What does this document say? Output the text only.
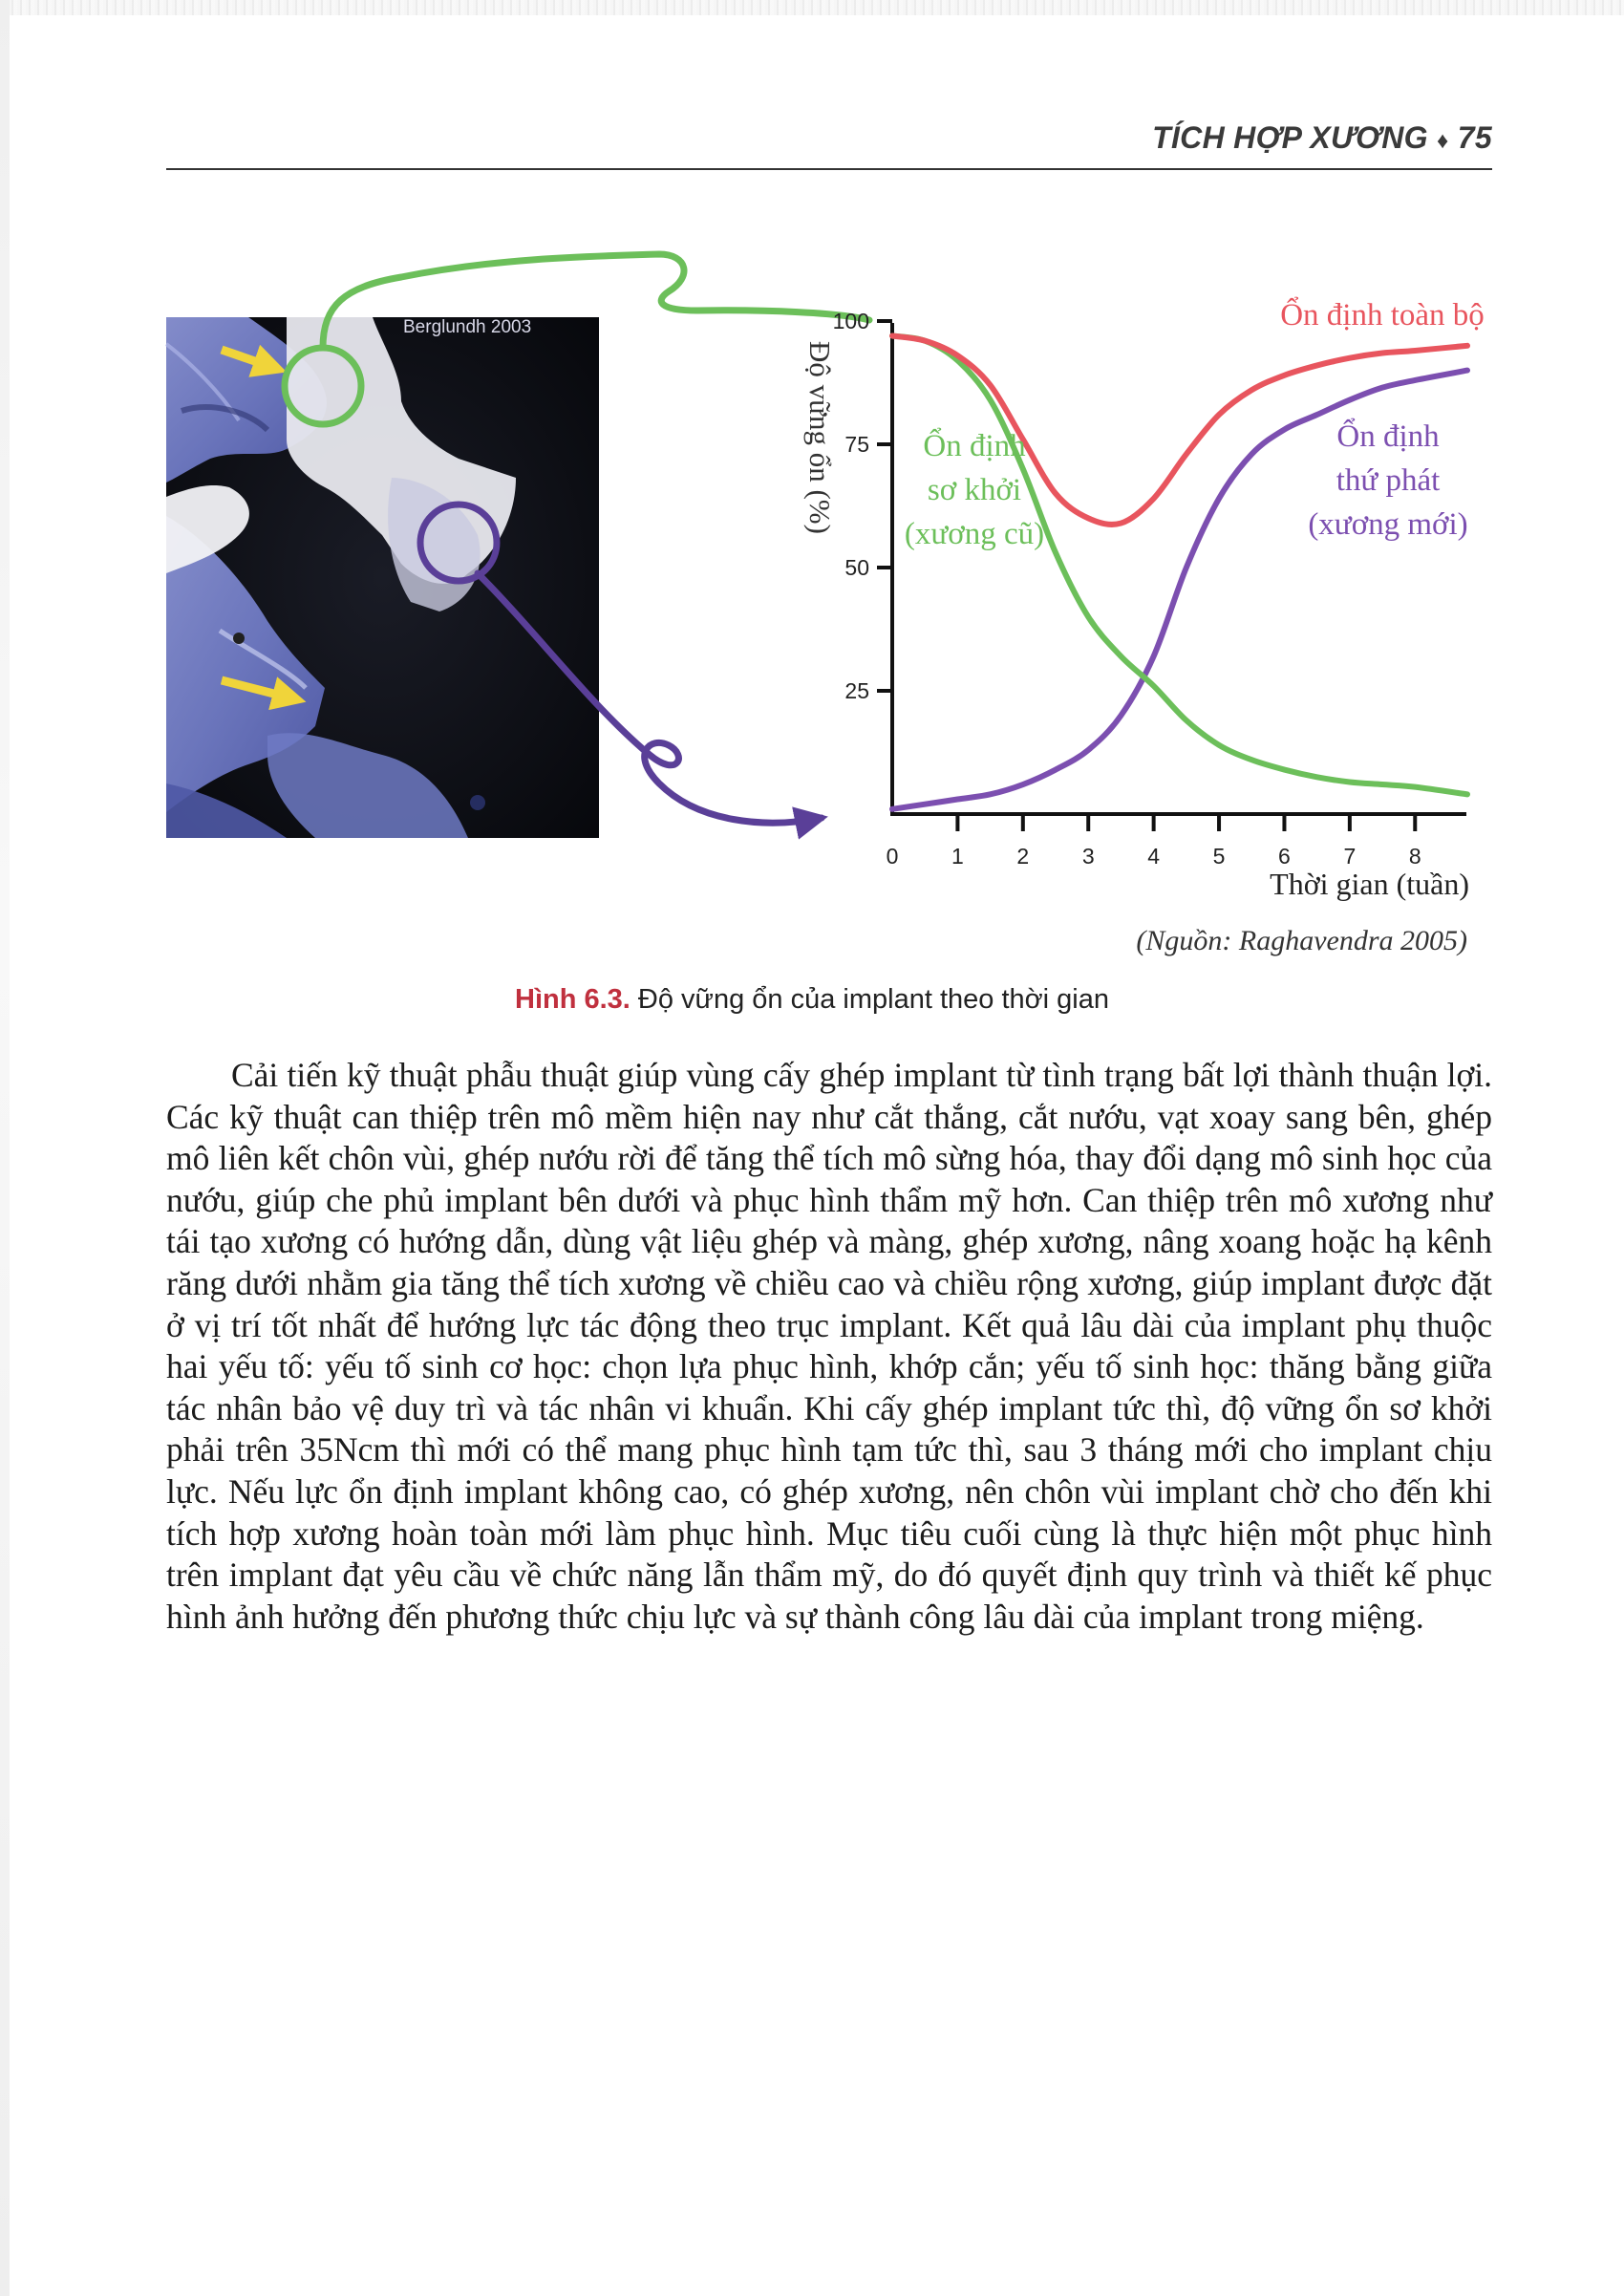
TÍCH HỢP XƯƠNG ♦ 75
25
50
75
100
0 1 2 3 4 5 6 7 8
Độ vững ổn (%)
Thời gian (tuần)
Ổn định toàn bộ
Ổn định
sơ khởi
(xương cũ)
Ổn định
thứ phát
(xương mới)
Berglundh 2003
(Nguồn: Raghavendra 2005)
Hình 6.3. Độ vững ổn của implant theo thời gian

Cải tiến kỹ thuật phẫu thuật giúp vùng cấy ghép implant từ tình trạng bất lợi thành thuận lợi. Các kỹ thuật can thiệp trên mô mềm hiện nay như cắt thắng, cắt nướu, vạt xoay sang bên, ghép mô liên kết chôn vùi, ghép nướu rời để tăng thể tích mô sừng hóa, thay đổi dạng mô sinh học của nướu, giúp che phủ implant bên dưới và phục hình thẩm mỹ hơn. Can thiệp trên mô xương như tái tạo xương có hướng dẫn, dùng vật liệu ghép và màng, ghép xương, nâng xoang hoặc hạ kênh răng dưới nhằm gia tăng thể tích xương về chiều cao và chiều rộng xương, giúp implant được đặt ở vị trí tốt nhất để hướng lực tác động theo trục implant. Kết quả lâu dài của implant phụ thuộc hai yếu tố: yếu tố sinh cơ học: chọn lựa phục hình, khớp cắn; yếu tố sinh học: thăng bằng giữa tác nhân bảo vệ duy trì và tác nhân vi khuẩn. Khi cấy ghép implant tức thì, độ vững ổn sơ khởi phải trên 35Ncm thì mới có thể mang phục hình tạm tức thì, sau 3 tháng mới cho implant chịu lực. Nếu lực ổn định implant không cao, có ghép xương, nên chôn vùi implant chờ cho đến khi tích hợp xương hoàn toàn mới làm phục hình. Mục tiêu cuối cùng là thực hiện một phục hình trên implant đạt yêu cầu về chức năng lẫn thẩm mỹ, do đó quyết định quy trình và thiết kế phục hình ảnh hưởng đến phương thức chịu lực và sự thành công lâu dài của implant trong miệng.
